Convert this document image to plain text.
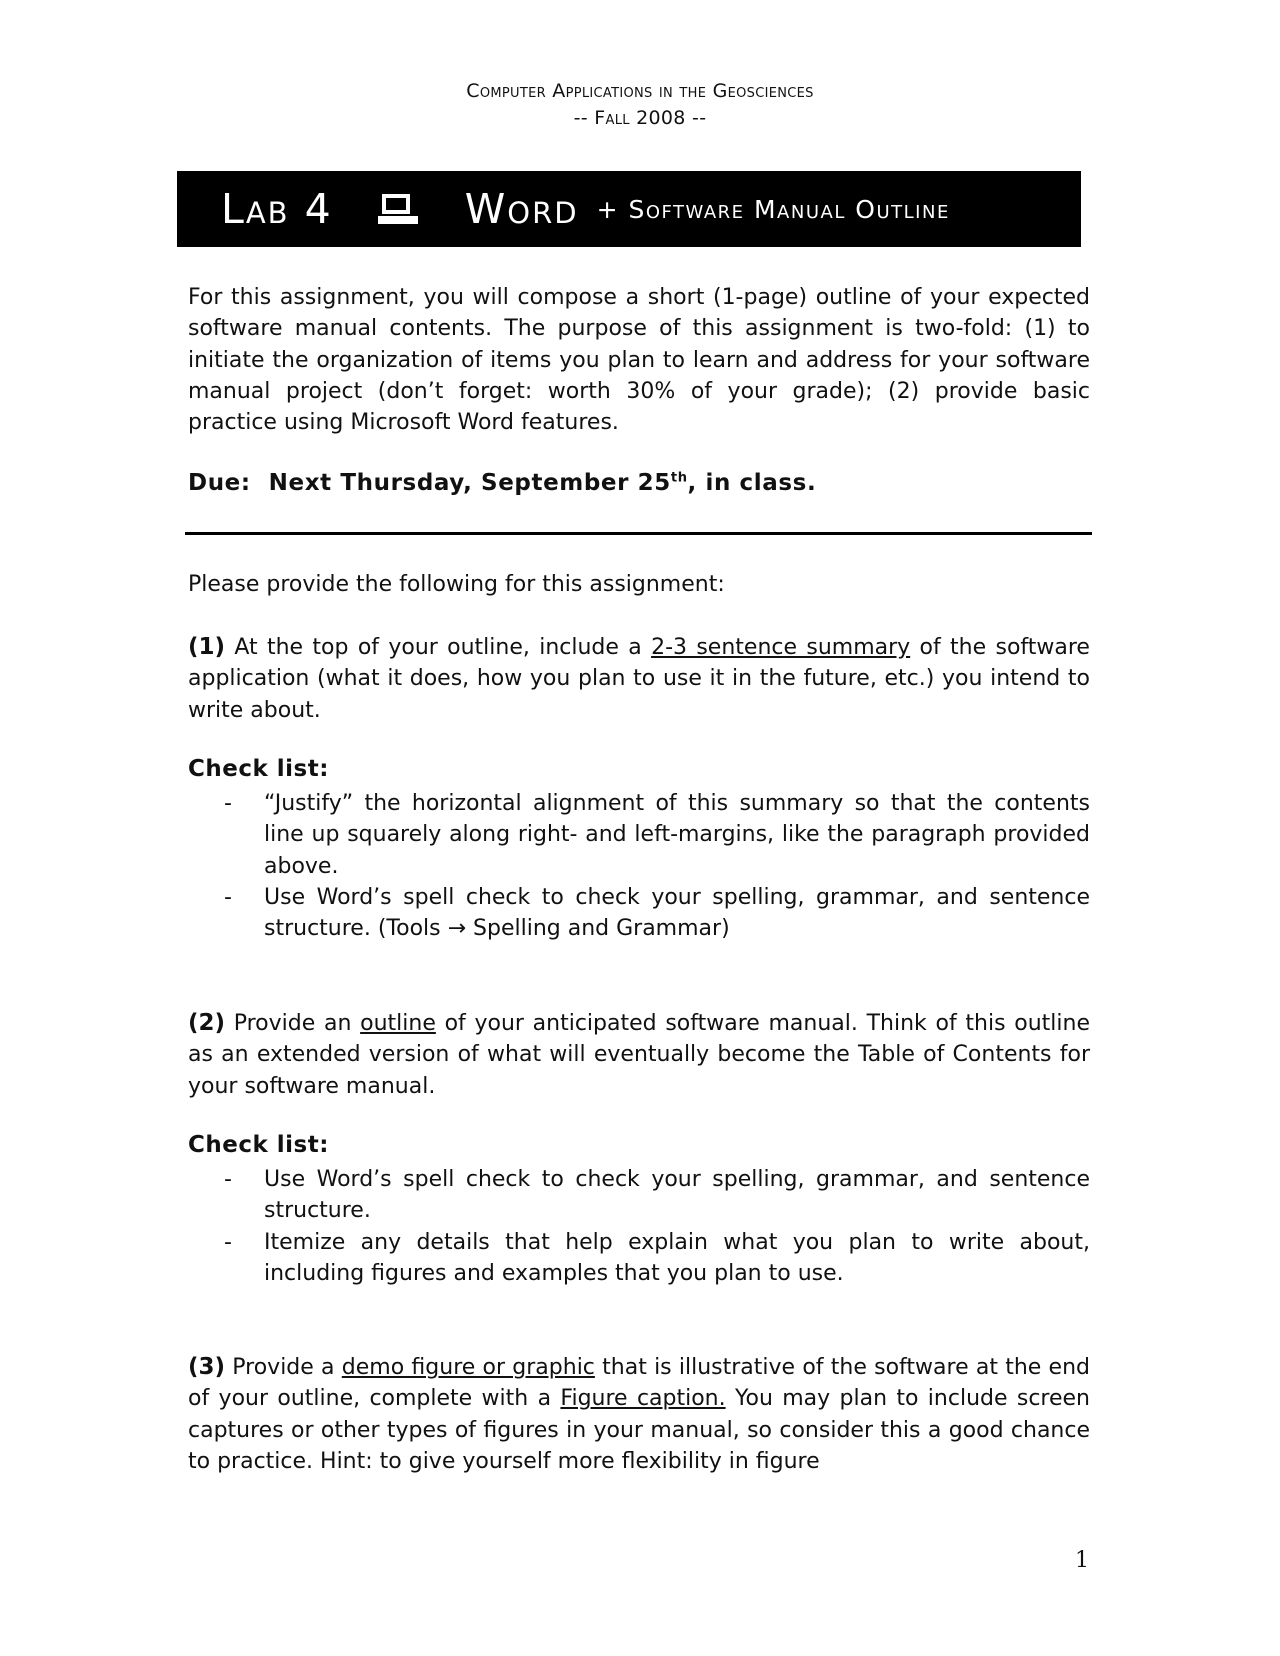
Computer Applications in the Geosciences
-- Fall 2008 --
Lab 4	Word + Software Manual Outline
For this assignment, you will compose a short (1-page) outline of your expected software manual contents. The purpose of this assignment is two-fold: (1) to initiate the organization of items you plan to learn and address for your software manual project (don’t forget: worth 30% of your grade); (2) provide basic practice using Microsoft Word features.
Due: Next Thursday, September 25th, in class.
Please provide the following for this assignment:
(1) At the top of your outline, include a 2-3 sentence summary of the software application (what it does, how you plan to use it in the future, etc.) you intend to write about.
Check list:
- “Justify” the horizontal alignment of this summary so that the contents line up squarely along right- and left-margins, like the paragraph provided above.
- Use Word’s spell check to check your spelling, grammar, and sentence structure. (Tools → Spelling and Grammar)
(2) Provide an outline of your anticipated software manual. Think of this outline as an extended version of what will eventually become the Table of Contents for your software manual.
Check list:
- Use Word’s spell check to check your spelling, grammar, and sentence structure.
- Itemize any details that help explain what you plan to write about, including figures and examples that you plan to use.
(3) Provide a demo figure or graphic that is illustrative of the software at the end of your outline, complete with a Figure caption. You may plan to include screen captures or other types of figures in your manual, so consider this a good chance to practice. Hint: to give yourself more flexibility in figure
1
